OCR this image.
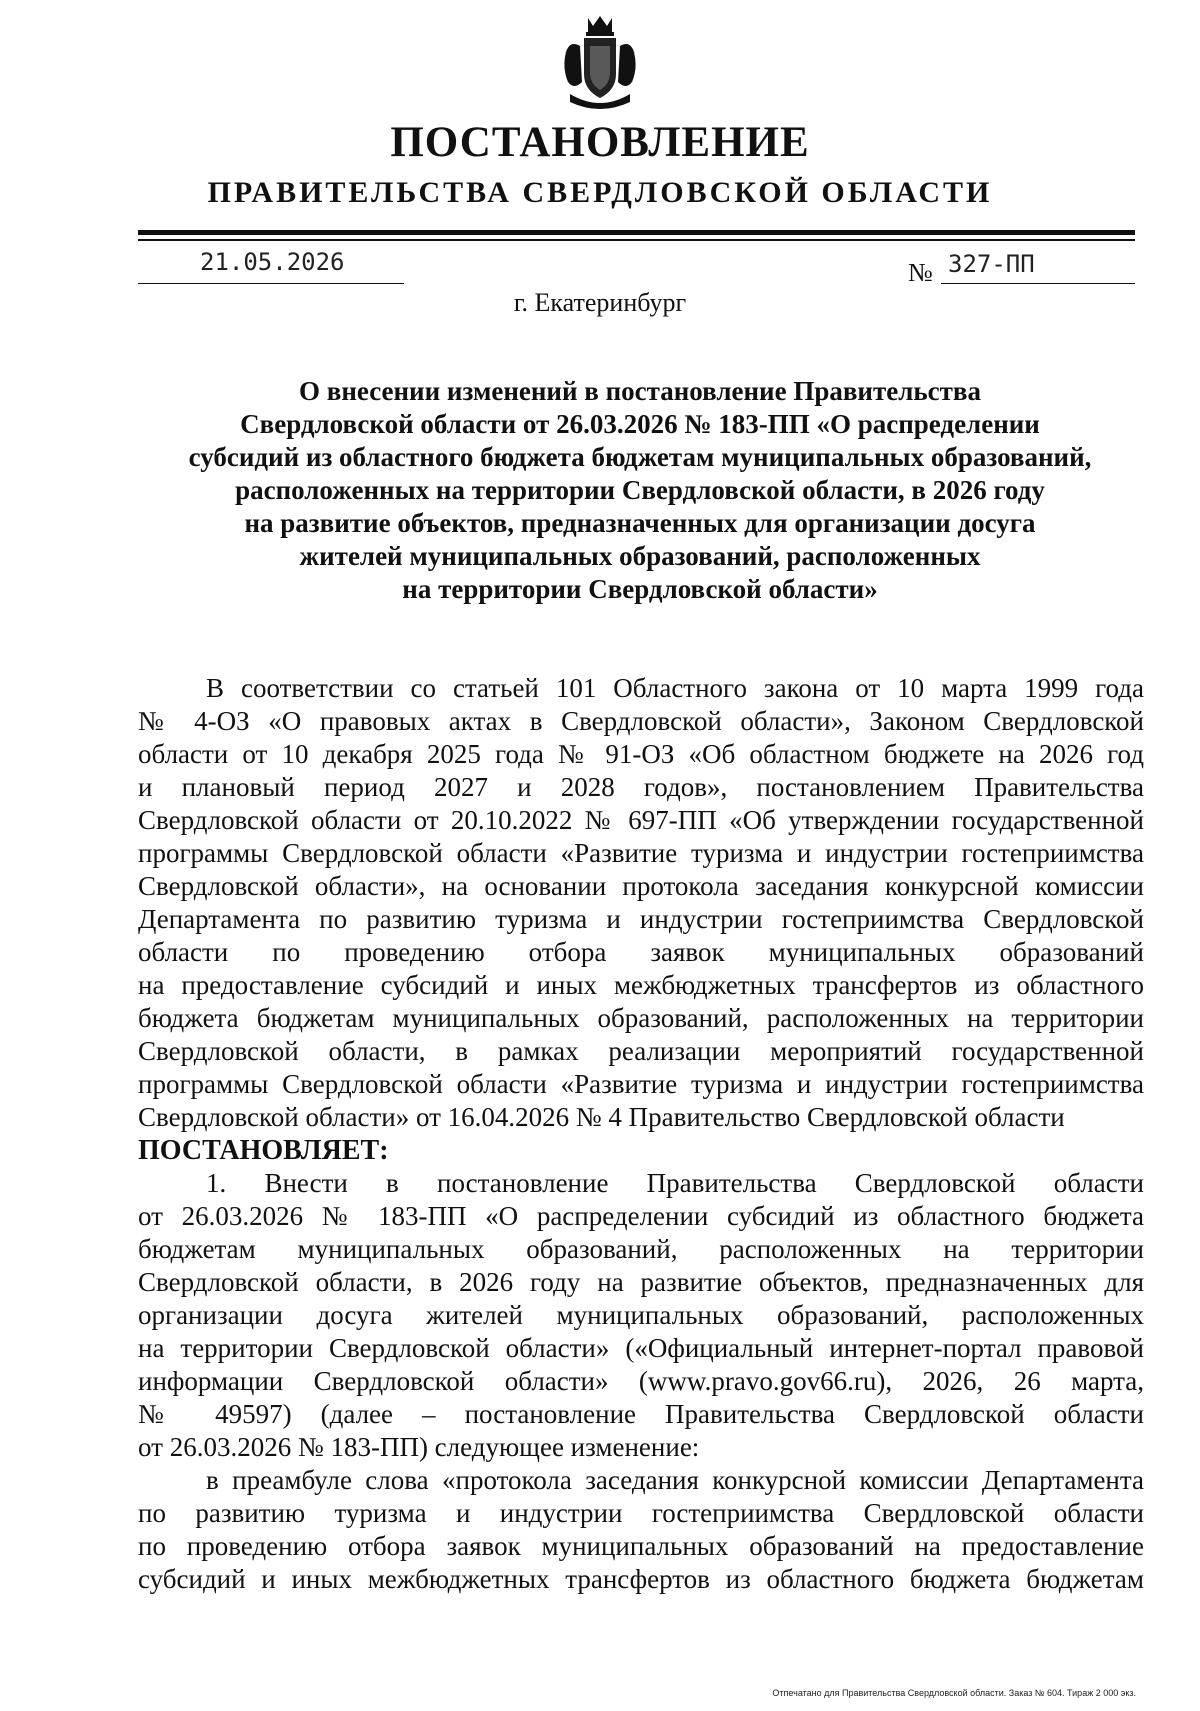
ПОСТАНОВЛЕНИЕ
ПРАВИТЕЛЬСТВА СВЕРДЛОВСКОЙ ОБЛАСТИ
21.05.2026	№ 327-ПП
г. Екатеринбург
О внесении изменений в постановление Правительства
Свердловской области от 26.03.2026 № 183-ПП «О распределении
субсидий из областного бюджета бюджетам муниципальных образований,
расположенных на территории Свердловской области, в 2026 году
на развитие объектов, предназначенных для организации досуга
жителей муниципальных образований, расположенных
на территории Свердловской области»
В соответствии со статьей 101 Областного закона от 10 марта 1999 года
№ 4-ОЗ «О правовых актах в Свердловской области», Законом Свердловской
области от 10 декабря 2025 года № 91-ОЗ «Об областном бюджете на 2026 год
и плановый период 2027 и 2028 годов», постановлением Правительства
Свердловской области от 20.10.2022 № 697-ПП «Об утверждении государственной
программы Свердловской области «Развитие туризма и индустрии гостеприимства
Свердловской области», на основании протокола заседания конкурсной комиссии
Департамента по развитию туризма и индустрии гостеприимства Свердловской
области по проведению отбора заявок муниципальных образований
на предоставление субсидий и иных межбюджетных трансфертов из областного
бюджета бюджетам муниципальных образований, расположенных на территории
Свердловской области, в рамках реализации мероприятий государственной
программы Свердловской области «Развитие туризма и индустрии гостеприимства
Свердловской области» от 16.04.2026 № 4 Правительство Свердловской области
ПОСТАНОВЛЯЕТ:
1. Внести в постановление Правительства Свердловской области
от 26.03.2026 № 183-ПП «О распределении субсидий из областного бюджета
бюджетам муниципальных образований, расположенных на территории
Свердловской области, в 2026 году на развитие объектов, предназначенных для
организации досуга жителей муниципальных образований, расположенных
на территории Свердловской области» («Официальный интернет-портал правовой
информации Свердловской области» (www.pravo.gov66.ru), 2026, 26 марта,
№ 49597) (далее – постановление Правительства Свердловской области
от 26.03.2026 № 183-ПП) следующее изменение:
в преамбуле слова «протокола заседания конкурсной комиссии Департамента
по развитию туризма и индустрии гостеприимства Свердловской области
по проведению отбора заявок муниципальных образований на предоставление
субсидий и иных межбюджетных трансфертов из областного бюджета бюджетам
Отпечатано для Правительства Свердловской области. Заказ № 604. Тираж 2 000 экз.
